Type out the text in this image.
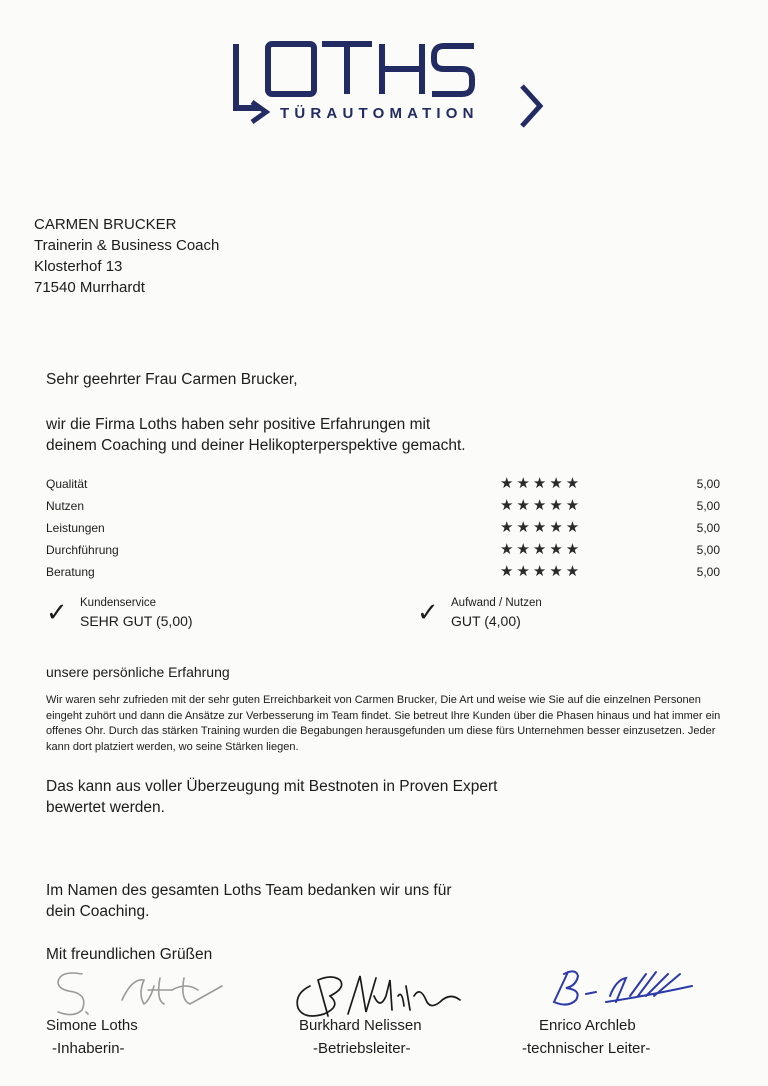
TÜRAUTOMATION
CARMEN BRUCKER
Trainerin & Business Coach
Klosterhof 13
71540 Murrhardt
Sehr geehrter Frau Carmen Brucker,
wir die Firma Loths haben sehr positive Erfahrungen mit
deinem Coaching und deiner Helikopterperspektive gemacht.
Qualität	★★★★★	5,00
Nutzen	★★★★★	5,00
Leistungen	★★★★★	5,00
Durchführung	★★★★★	5,00
Beratung	★★★★★	5,00
✓ Kundenservice
SEHR GUT (5,00)	✓ Aufwand / Nutzen
GUT (4,00)
unsere persönliche Erfahrung
Wir waren sehr zufrieden mit der sehr guten Erreichbarkeit von Carmen Brucker, Die Art und weise wie Sie auf die einzelnen Personen eingeht zuhört und dann die Ansätze zur Verbesserung im Team findet. Sie betreut Ihre Kunden über die Phasen hinaus und hat immer ein offenes Ohr. Durch das stärken Training wurden die Begabungen herausgefunden um diese fürs Unternehmen besser einzusetzen. Jeder kann dort platziert werden, wo seine Stärken liegen.
Das kann aus voller Überzeugung mit Bestnoten in Proven Expert
bewertet werden.
Im Namen des gesamten Loths Team bedanken wir uns für
dein Coaching.
Mit freundlichen Grüßen
Simone Loths
-Inhaberin-
Burkhard Nelissen
-Betriebsleiter-
Enrico Archleb
-technischer Leiter-
